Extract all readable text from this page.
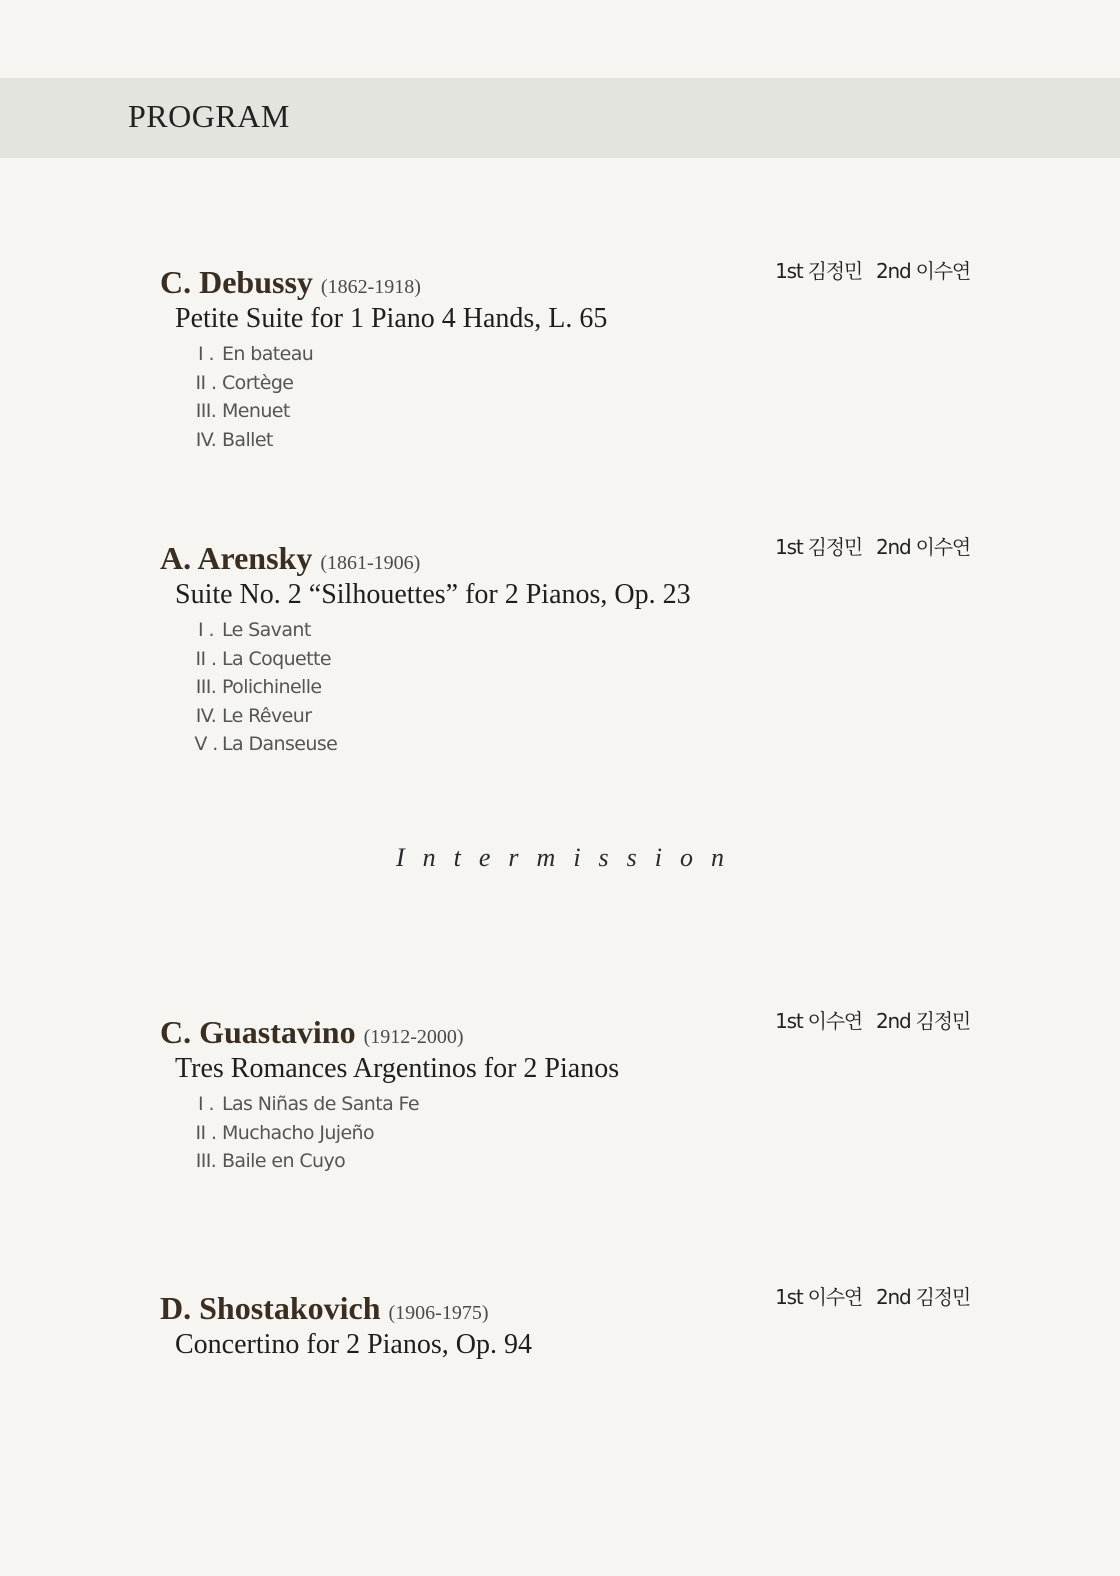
PROGRAM
C. Debussy (1862-1918)
1st 김정민 2nd 이수연
Petite Suite for 1 Piano 4 Hands, L. 65
I . En bateau
II . Cortège
III. Menuet
IV. Ballet
A. Arensky (1861-1906)
1st 김정민 2nd 이수연
Suite No. 2 “Silhouettes” for 2 Pianos, Op. 23
I . Le Savant
II . La Coquette
III. Polichinelle
IV. Le Rêveur
V . La Danseuse
Intermission
C. Guastavino (1912-2000)
1st 이수연 2nd 김정민
Tres Romances Argentinos for 2 Pianos
I . Las Niñas de Santa Fe
II . Muchacho Jujeño
III. Baile en Cuyo
D. Shostakovich (1906-1975)
1st 이수연 2nd 김정민
Concertino for 2 Pianos, Op. 94
